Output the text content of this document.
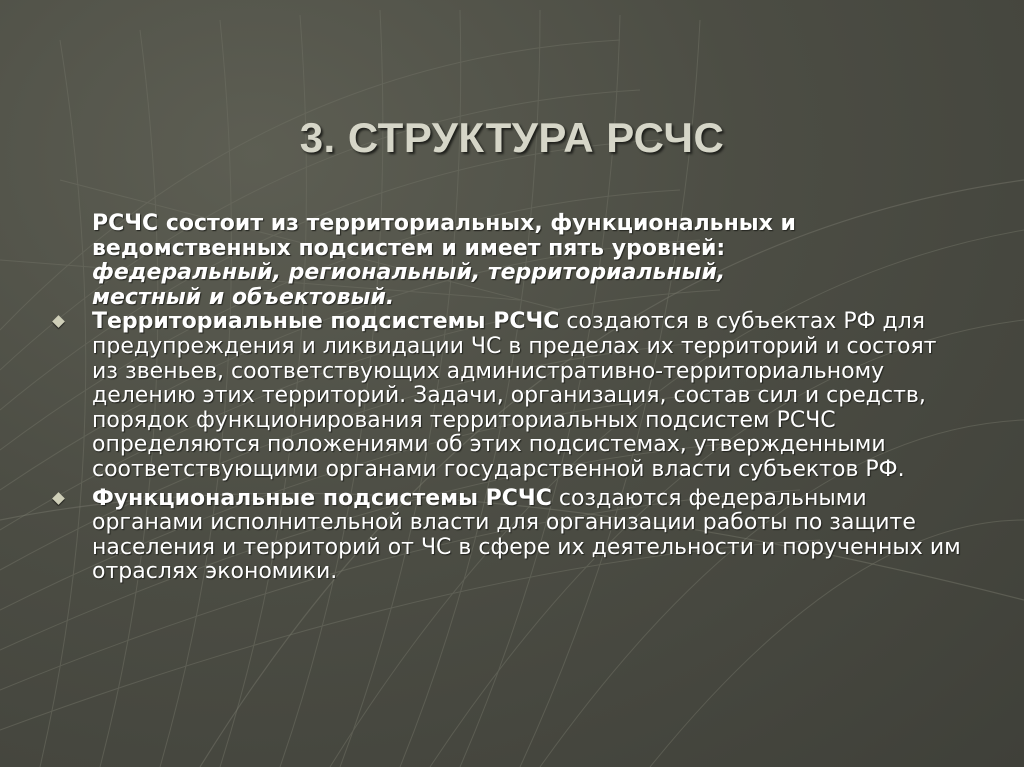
3. СТРУКТУРА РСЧС

РСЧС состоит из территориальных, функциональных и
ведомственных подсистем и имеет пять уровней:
федеральный, региональный, территориальный,
местный и объектовый.

Территориальные подсистемы РСЧС создаются в субъектах РФ для предупреждения и ликвидации ЧС в пределах их территорий и состоят из звеньев, соответствующих административно-территориальному делению этих территорий. Задачи, организация, состав сил и средств, порядок функционирования территориальных подсистем РСЧС определяются положениями об этих подсистемах, утвержденными соответствующими органами государственной власти субъектов РФ.

Функциональные подсистемы РСЧС создаются федеральными органами исполнительной власти для организации работы по защите населения и территорий от ЧС в сфере их деятельности и порученных им отраслях экономики.
